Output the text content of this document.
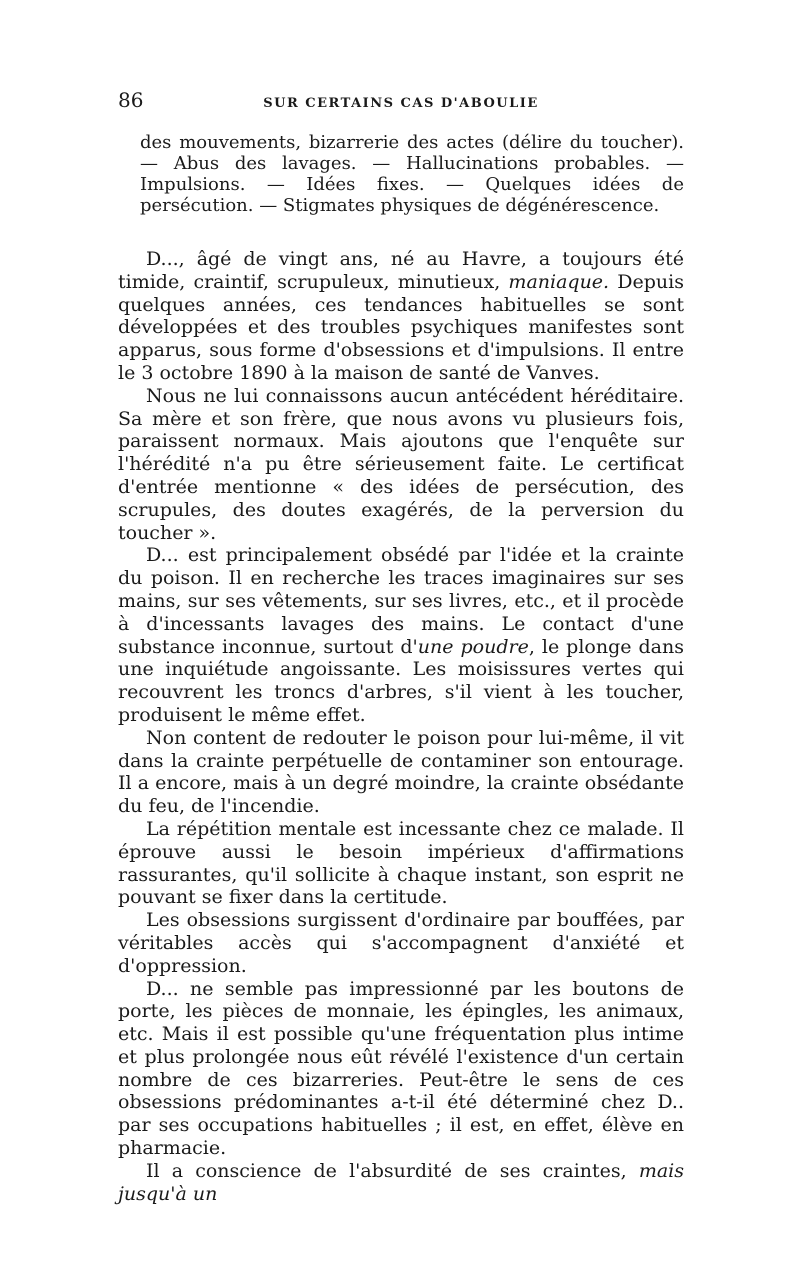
86	SUR CERTAINS CAS D'ABOULIE

des mouvements, bizarrerie des actes (délire du toucher). — Abus des lavages. — Hallucinations probables. — Impulsions. — Idées fixes. — Quelques idées de persécution. — Stigmates physiques de dégénérescence.

D..., âgé de vingt ans, né au Havre, a toujours été timide, craintif, scrupuleux, minutieux, maniaque. Depuis quelques années, ces tendances habituelles se sont développées et des troubles psychiques manifestes sont apparus, sous forme d'obsessions et d'impulsions. Il entre le 3 octobre 1890 à la maison de santé de Vanves.

Nous ne lui connaissons aucun antécédent héréditaire. Sa mère et son frère, que nous avons vu plusieurs fois, paraissent normaux. Mais ajoutons que l'enquête sur l'hérédité n'a pu être sérieusement faite. Le certificat d'entrée mentionne « des idées de persécution, des scrupules, des doutes exagérés, de la perversion du toucher ».

D... est principalement obsédé par l'idée et la crainte du poison. Il en recherche les traces imaginaires sur ses mains, sur ses vêtements, sur ses livres, etc., et il procède à d'incessants lavages des mains. Le contact d'une substance inconnue, surtout d'une poudre, le plonge dans une inquiétude angoissante. Les moisissures vertes qui recouvrent les troncs d'arbres, s'il vient à les toucher, produisent le même effet.

Non content de redouter le poison pour lui-même, il vit dans la crainte perpétuelle de contaminer son entourage. Il a encore, mais à un degré moindre, la crainte obsédante du feu, de l'incendie.

La répétition mentale est incessante chez ce malade. Il éprouve aussi le besoin impérieux d'affirmations rassurantes, qu'il sollicite à chaque instant, son esprit ne pouvant se fixer dans la certitude.

Les obsessions surgissent d'ordinaire par bouffées, par véritables accès qui s'accompagnent d'anxiété et d'oppression.

D... ne semble pas impressionné par les boutons de porte, les pièces de monnaie, les épingles, les animaux, etc. Mais il est possible qu'une fréquentation plus intime et plus prolongée nous eût révélé l'existence d'un certain nombre de ces bizarreries. Peut-être le sens de ces obsessions prédominantes a-t-il été déterminé chez D.. par ses occupations habituelles ; il est, en effet, élève en pharmacie.

Il a conscience de l'absurdité de ses craintes, mais jusqu'à un
